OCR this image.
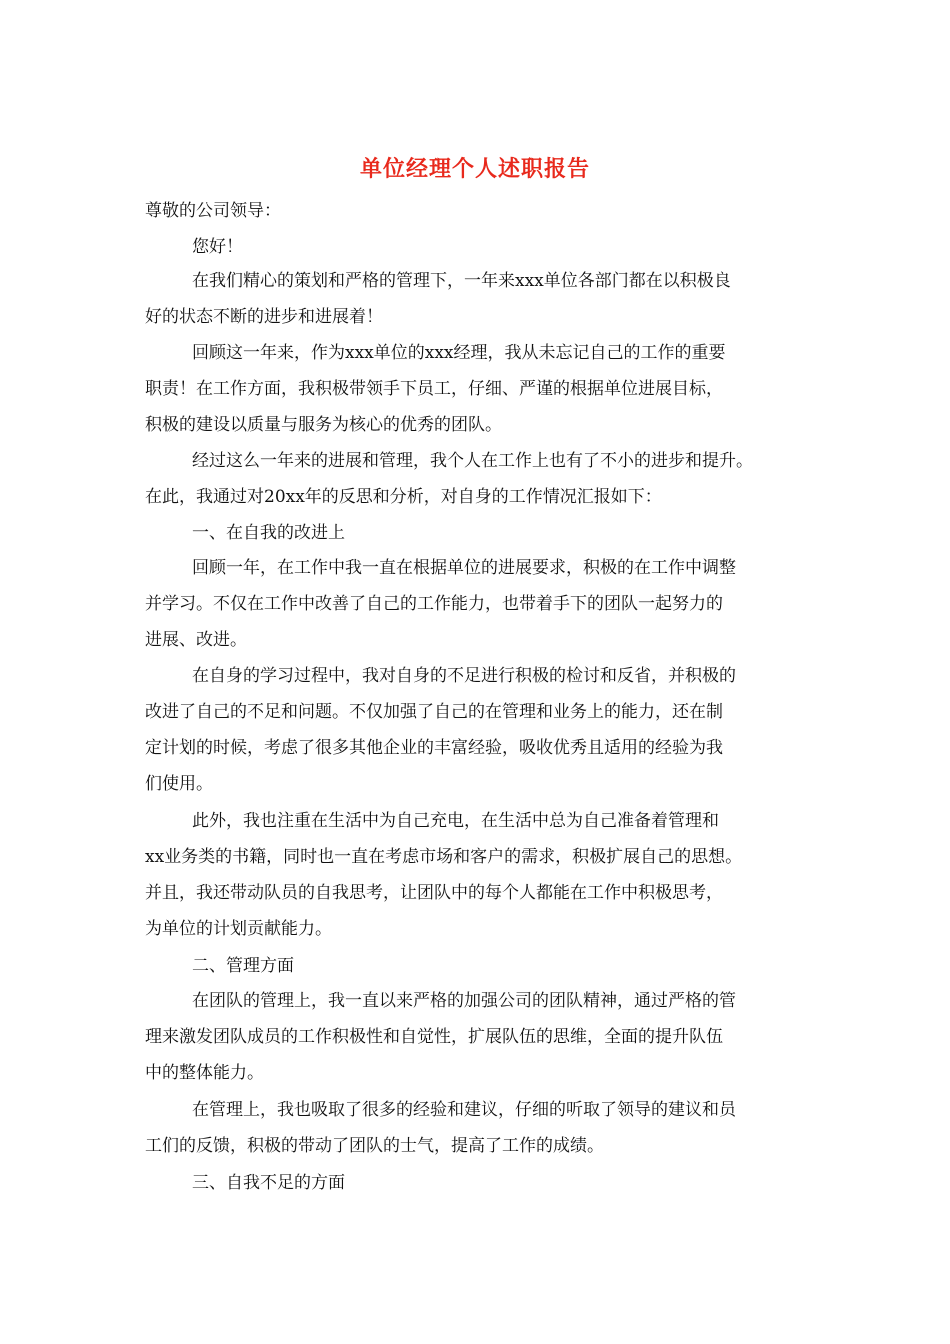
单位经理个人述职报告
尊敬的公司领导：
您好！
在我们精心的策划和严格的管理下，一年来xxx单位各部门都在以积极良
好的状态不断的进步和进展着！
回顾这一年来，作为xxx单位的xxx经理，我从未忘记自己的工作的重要
职责！在工作方面，我积极带领手下员工，仔细、严谨的根据单位进展目标，
积极的建设以质量与服务为核心的优秀的团队。
经过这么一年来的进展和管理，我个人在工作上也有了不小的进步和提升。
在此，我通过对20xx年的反思和分析，对自身的工作情况汇报如下：
一、在自我的改进上
回顾一年，在工作中我一直在根据单位的进展要求，积极的在工作中调整
并学习。不仅在工作中改善了自己的工作能力，也带着手下的团队一起努力的
进展、改进。
在自身的学习过程中，我对自身的不足进行积极的检讨和反省，并积极的
改进了自己的不足和问题。不仅加强了自己的在管理和业务上的能力，还在制
定计划的时候，考虑了很多其他企业的丰富经验，吸收优秀且适用的经验为我
们使用。
此外，我也注重在生活中为自己充电，在生活中总为自己准备着管理和
xx业务类的书籍，同时也一直在考虑市场和客户的需求，积极扩展自己的思想。
并且，我还带动队员的自我思考，让团队中的每个人都能在工作中积极思考，
为单位的计划贡献能力。
二、管理方面
在团队的管理上，我一直以来严格的加强公司的团队精神，通过严格的管
理来激发团队成员的工作积极性和自觉性，扩展队伍的思维，全面的提升队伍
中的整体能力。
在管理上，我也吸取了很多的经验和建议，仔细的听取了领导的建议和员
工们的反馈，积极的带动了团队的士气，提高了工作的成绩。
三、自我不足的方面
